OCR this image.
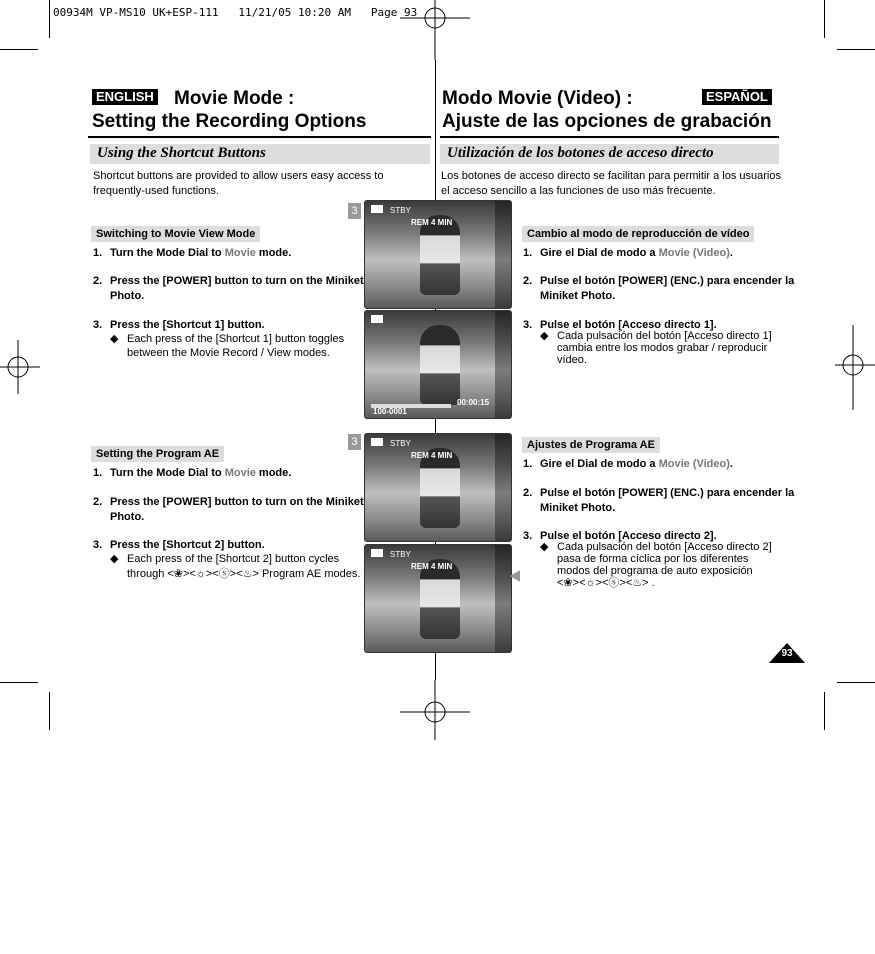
00934M VP-MS10 UK+ESP-111   11/21/05 10:20 AM   Page 93
ENGLISH Movie Mode :
Setting the Recording Options
Modo Movie (Video) :
Ajuste de las opciones de grabación
ESPAÑOL
Using the Shortcut Buttons	Utilización de los botones de acceso directo
Shortcut buttons are provided to allow users easy access to frequently-used functions.
Los botones de acceso directo se facilitan para permitir a los usuarios el acceso sencillo a las funciones de uso más frecuente.
Switching to Movie View Mode
1. Turn the Mode Dial to Movie mode.
2. Press the [POWER] button to turn on the Miniket Photo.
3. Press the [Shortcut 1] button.
◆ Each press of the [Shortcut 1] button toggles between the Movie Record / View modes.
Setting the Program AE
1. Turn the Mode Dial to Movie mode.
2. Press the [POWER] button to turn on the Miniket Photo.
3. Press the [Shortcut 2] button.
◆ Each press of the [Shortcut 2] button cycles through <❀><☼><ⓢ><♨> Program AE modes.
Cambio al modo de reproducción de vídeo
1. Gire el Dial de modo a Movie (Video).
2. Pulse el botón [POWER] (ENC.) para encender la Miniket Photo.
3. Pulse el botón [Acceso directo 1].
◆ Cada pulsación del botón [Acceso directo 1] cambia entre los modos grabar / reproducir vídeo.
Ajustes de Programa AE
1. Gire el Dial de modo a Movie (Video).
2. Pulse el botón [POWER] (ENC.) para encender la Miniket Photo.
3. Pulse el botón [Acceso directo 2].
◆ Cada pulsación del botón [Acceso directo 2] pasa de forma cíclica por los diferentes modos del programa de auto exposición <❀><☼><ⓢ><♨> .
3
3
STBY
REM 4 MIN
100-0001
00:00:15
STBY
REM 4 MIN
STBY
REM 4 MIN
93
